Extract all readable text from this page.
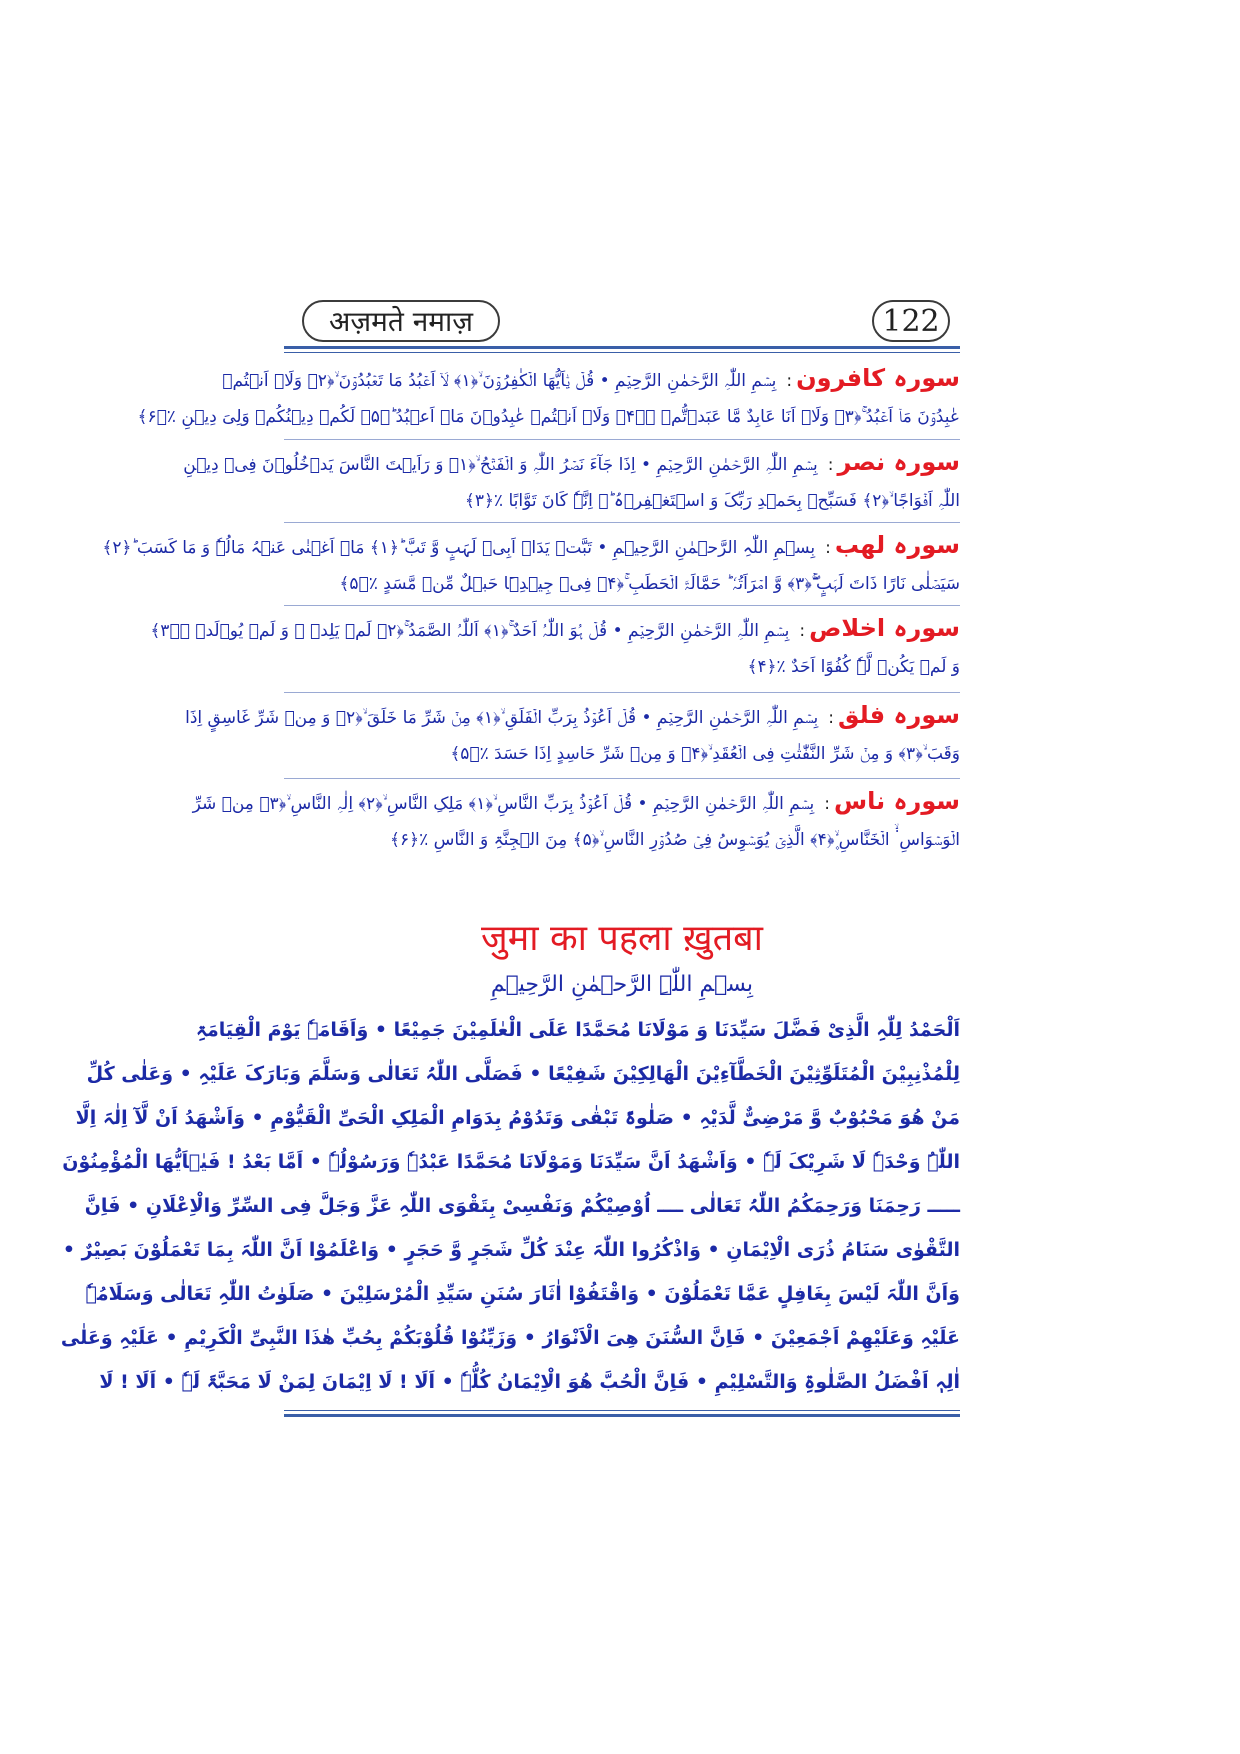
अज़मते नमाज़	122
سورہ کافرون:بِسۡمِ اللّٰہِ الرَّحۡمٰنِ الرَّحِیۡمِ • قُلۡ یٰۤاَیُّھَا الۡکٰفِرُوۡنَ ۙ﴿۱﴾ لَاۤ اَعۡبُدُ مَا تَعۡبُدُوۡنَ ۙ﴿۲﴾ وَلَاۤ اَنۡتُمۡ
عٰبِدُوۡنَ مَاۤ اَعۡبُدُ ۚ﴿۳﴾ وَلَاۤ اَنَا عَابِدٌ مَّا عَبَدۡتُّمۡ ۙ﴿۴﴾ وَلَاۤ اَنۡتُمۡ عٰبِدُوۡنَ مَاۤ اَعۡبُدُ ؕ﴿۵﴾ لَکُمۡ دِیۡنُکُمۡ وَلِیَ دِیۡنِ ٪﴿۶﴾
سورہ نصر:بِسۡمِ اللّٰہِ الرَّحۡمٰنِ الرَّحِیۡمِ • اِذَا جَآءَ نَصۡرُ اللّٰہِ وَ الۡفَتۡحُ ۙ﴿۱﴾ وَ رَاَیۡتَ النَّاسَ یَدۡخُلُوۡنَ فِیۡ دِیۡنِ
اللّٰہِ اَفۡوَاجًا ۙ﴿۲﴾ فَسَبِّحۡ بِحَمۡدِ رَبِّکَ وَ اسۡتَغۡفِرۡہُ ؕؔ اِنَّہٗ کَانَ تَوَّابًا ٪﴿۳﴾
سورہ لھب:بِسۡمِ اللّٰہِ الرَّحۡمٰنِ الرَّحِیۡمِ • تَبَّتۡ یَدَاۤ اَبِیۡ لَہَبٍ وَّ تَبَّ ؕ﴿۱﴾ مَاۤ اَغۡنٰی عَنۡہُ مَالُہٗ وَ مَا کَسَبَ ؕ﴿۲﴾
سَیَصۡلٰی نَارًا ذَاتَ لَہَبٍ ۚۖ﴿۳﴾ وَّ امۡرَاَتُہٗ ؕ حَمَّالَۃَ الۡحَطَبِ ۚ﴿۴﴾ فِیۡ جِیۡدِہَا حَبۡلٌ مِّنۡ مَّسَدٍ ٪﴿۵﴾
سورہ اخلاص:بِسۡمِ اللّٰہِ الرَّحۡمٰنِ الرَّحِیۡمِ • قُلۡ ہُوَ اللّٰہُ اَحَدٌ ۚ﴿۱﴾ اَللّٰہُ الصَّمَدُ ۚ﴿۲﴾ لَمۡ یَلِدۡ ۙ وَ لَمۡ یُوۡلَدۡ ۙ﴿۳﴾
وَ لَمۡ یَکُنۡ لَّہٗ کُفُوًا اَحَدٌ ٪﴿۴﴾
سورہ فلق:بِسۡمِ اللّٰہِ الرَّحۡمٰنِ الرَّحِیۡمِ • قُلۡ اَعُوۡذُ بِرَبِّ الۡفَلَقِ ۙ﴿۱﴾ مِنۡ شَرِّ مَا خَلَقَ ۙ﴿۲﴾ وَ مِنۡ شَرِّ غَاسِقٍ اِذَا
وَقَبَ ۙ﴿۳﴾ وَ مِنۡ شَرِّ النَّفّٰثٰتِ فِی الۡعُقَدِ ۙ﴿۴﴾ وَ مِنۡ شَرِّ حَاسِدٍ اِذَا حَسَدَ ٪﴿۵﴾
سورہ ناس:بِسۡمِ اللّٰہِ الرَّحۡمٰنِ الرَّحِیۡمِ • قُلۡ اَعُوۡذُ بِرَبِّ النَّاسِ ۙ﴿۱﴾ مَلِکِ النَّاسِ ۙ﴿۲﴾ اِلٰہِ النَّاسِ ۙ﴿۳﴾ مِنۡ شَرِّ
الۡوَسۡوَاسِ ۬ۙ الۡخَنَّاسِ ۪ۙ﴿۴﴾ الَّذِیۡ یُوَسۡوِسُ فِیۡ صُدُوۡرِ النَّاسِ ۙ﴿۵﴾ مِنَ الۡجِنَّۃِ وَ النَّاسِ ٪﴿۶﴾
जुमा का पहला ख़ुतबा
بِسۡمِ اللّٰہِ الرَّحۡمٰنِ الرَّحِیۡمِ
اَلْحَمْدُ لِلّٰہِ الَّذِیْ فَضَّلَ سَیِّدَنَا وَ مَوْلَانَا مُحَمَّدًا عَلَی الْعٰلَمِیْنَ جَمِیْعًا • وَاَقَامَہٗ یَوْمَ الْقِیَامَۃِ
لِلْمُذْنِبِیْنَ الْمُتَلَوِّثِیْنَ الْخَطَّآءِیْنَ الْھَالِکِیْنَ شَفِیْعًا • فَصَلَّی اللّٰہُ تَعَالٰی وَسَلَّمَ وَبَارَکَ عَلَیْہِ • وَعَلٰی کُلِّ
مَنْ ھُوَ مَحْبُوْبٌ وَّ مَرْضِیٌّ لَّدَیْہِ • صَلٰوۃً تَبْقٰی وَتَدُوْمُ بِدَوَامِ الْمَلِکِ الْحَیِّ الْقَیُّوْمِ • وَاَشْھَدُ اَنْ لَّآ اِلٰہَ اِلَّا
اللّٰہُ وَحْدَہٗ لَا شَرِیْکَ لَہٗ • وَاَشْھَدُ اَنَّ سَیِّدَنَا وَمَوْلَانَا مُحَمَّدًا عَبْدُہٗ وَرَسُوْلُہٗ • اَمَّا بَعْدُ ! فَیٰۤاَیُّھَا الْمُؤْمِنُوْنَ
ـــــ رَحِمَنَا وَرَحِمَکُمُ اللّٰہُ تَعَالٰی ــــ اُوْصِیْکُمْ وَنَفْسِیْ بِتَقْوَی اللّٰہِ عَزَّ وَجَلَّ فِی السِّرِّ وَالْاِعْلَانِ • فَاِنَّ
التَّقْوٰی سَنَامُ ذُرَی الْاِیْمَانِ • وَاذْکُرُوا اللّٰہَ عِنْدَ کُلِّ شَجَرٍ وَّ حَجَرٍ • وَاعْلَمُوْا اَنَّ اللّٰہَ بِمَا تَعْمَلُوْنَ بَصِیْرٌ •
وَاَنَّ اللّٰہَ لَیْسَ بِغَافِلٍ عَمَّا تَعْمَلُوْنَ • وَاقْتَفُوْا اٰثَارَ سُنَنِ سَیِّدِ الْمُرْسَلِیْنَ • صَلَوٰتُ اللّٰہِ تَعَالٰی وَسَلَامُہٗ
عَلَیْہِ وَعَلَیْھِمْ اَجْمَعِیْنَ • فَاِنَّ السُّنَنَ ھِیَ الْاَنْوَارُ • وَزَیِّنُوْا قُلُوْبَکُمْ بِحُبِّ ھٰذَا النَّبِیِّ الْکَرِیْمِ • عَلَیْہِ وَعَلٰی
اٰلِہٖ اَفْضَلُ الصَّلٰوۃِ وَالتَّسْلِیْمِ • فَاِنَّ الْحُبَّ ھُوَ الْاِیْمَانُ کُلُّہٗ • اَلَا ! لَا اِیْمَانَ لِمَنْ لَا مَحَبَّۃَ لَہٗ • اَلَا ! لَا
